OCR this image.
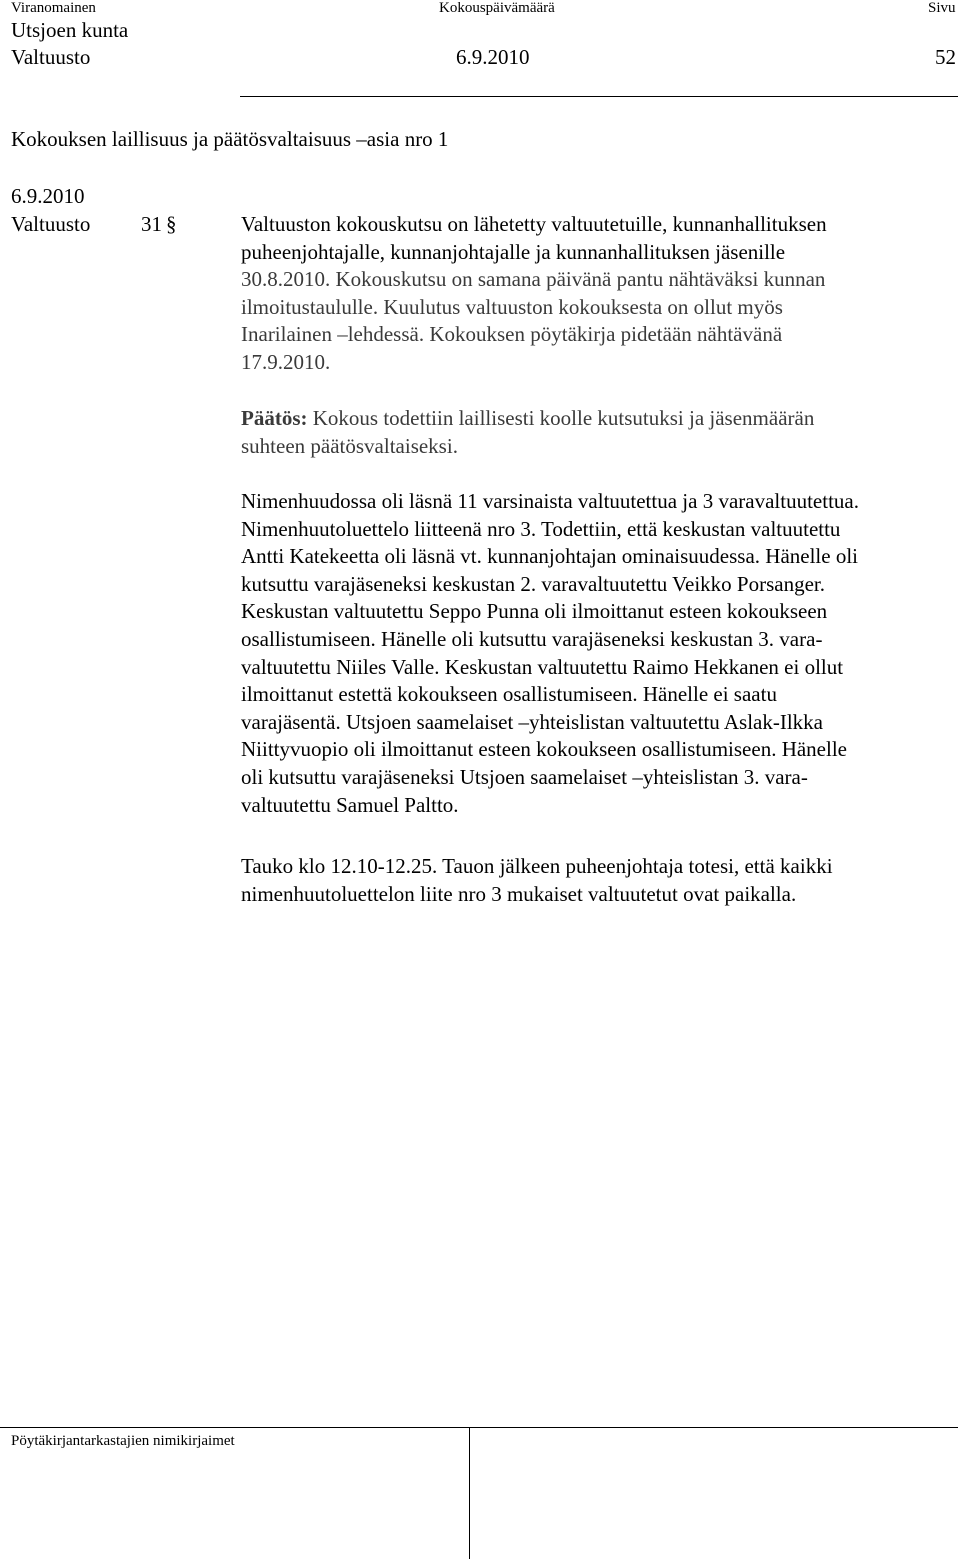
Viranomainen	Kokouspäivämäärä	Sivu
Utsjoen kunta
Valtuusto	6.9.2010	52
Kokouksen laillisuus ja päätösvaltaisuus –asia nro 1
6.9.2010
Valtuusto 31 §	Valtuuston kokouskutsu on lähetetty valtuutetuille, kunnanhallituksen
puheenjohtajalle, kunnanjohtajalle ja kunnanhallituksen jäsenille
30.8.2010. Kokouskutsu on samana päivänä pantu nähtäväksi kunnan
ilmoitustaululle. Kuulutus valtuuston kokouksesta on ollut myös
Inarilainen –lehdessä. Kokouksen pöytäkirja pidetään nähtävänä
17.9.2010.
Päätös: Kokous todettiin laillisesti koolle kutsutuksi ja jäsenmäärän
suhteen päätösvaltaiseksi.
Nimenhuudossa oli läsnä 11 varsinaista valtuutettua ja 3 varavaltuutettua.
Nimenhuutoluettelo liitteenä nro 3. Todettiin, että keskustan valtuutettu
Antti Katekeetta oli läsnä vt. kunnanjohtajan ominaisuudessa. Hänelle oli
kutsuttu varajäseneksi keskustan 2. varavaltuutettu Veikko Porsanger.
Keskustan valtuutettu Seppo Punna oli ilmoittanut esteen kokoukseen
osallistumiseen. Hänelle oli kutsuttu varajäseneksi keskustan 3. vara-
valtuutettu Niiles Valle. Keskustan valtuutettu Raimo Hekkanen ei ollut
ilmoittanut estettä kokoukseen osallistumiseen. Hänelle ei saatu
varajäsentä. Utsjoen saamelaiset –yhteislistan valtuutettu Aslak-Ilkka
Niittyvuopio oli ilmoittanut esteen kokoukseen osallistumiseen. Hänelle
oli kutsuttu varajäseneksi Utsjoen saamelaiset –yhteislistan 3. vara-
valtuutettu Samuel Paltto.
Tauko klo 12.10-12.25. Tauon jälkeen puheenjohtaja totesi, että kaikki
nimenhuutoluettelon liite nro 3 mukaiset valtuutetut ovat paikalla.
Pöytäkirjantarkastajien nimikirjaimet
